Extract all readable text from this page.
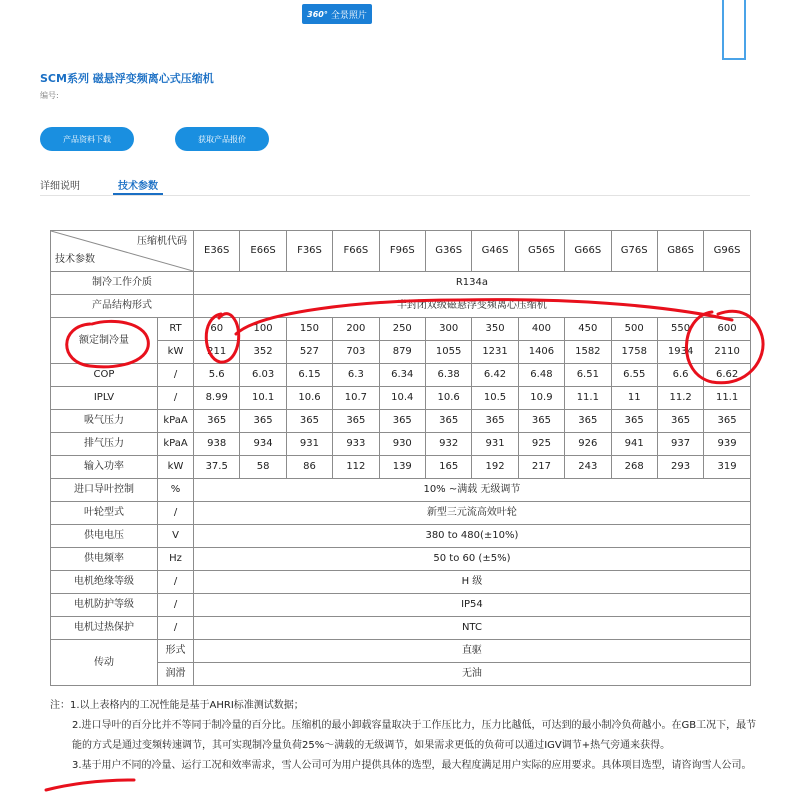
360° 全景照片
SCM系列 磁悬浮变频离心式压缩机
编号:
产品资料下载	获取产品报价
详细说明	技术参数
压缩机代码
技术参数		E36S	E66S	F36S	F66S	F96S	G36S	G46S	G56S	G66S	G76S	G86S	G96S
制冷工作介质		R134a											
产品结构形式		半封闭双级磁悬浮变频离心压缩机											
额定制冷量	RT	60	100	150	200	250	300	350	400	450	500	550	600
	kW	211	352	527	703	879	1055	1231	1406	1582	1758	1934	2110
COP	/	5.6	6.03	6.15	6.3	6.34	6.38	6.42	6.48	6.51	6.55	6.6	6.62
IPLV	/	8.99	10.1	10.6	10.7	10.4	10.6	10.5	10.9	11.1	11	11.2	11.1
吸气压力	kPaA	365	365	365	365	365	365	365	365	365	365	365	365
排气压力	kPaA	938	934	931	933	930	932	931	925	926	941	937	939
输入功率	kW	37.5	58	86	112	139	165	192	217	243	268	293	319
进口导叶控制	%	10% ~满载 无级调节											
叶轮型式	/	新型三元流高效叶轮											
供电电压	V	380 to 480(±10%)											
供电频率	Hz	50 to 60 (±5%)											
电机绝缘等级	/	H 级											
电机防护等级	/	IP54											
电机过热保护	/	NTC											
传动	形式	直驱											
	润滑	无油											
注：1.以上表格内的工况性能是基于AHRI标准测试数据；
2.进口导叶的百分比并不等同于制冷量的百分比。压缩机的最小卸载容量取决于工作压比力，压力比越低，可达到的最小制冷负荷越小。在GB工况下，最节能的方式是通过变频转速调节，其可实现制冷量负荷25%～满载的无级调节，如果需求更低的负荷可以通过IGV调节+热气旁通来获得。
3.基于用户不同的冷量、运行工况和效率需求，雪人公司可为用户提供具体的选型，最大程度满足用户实际的应用要求。具体项目选型，请咨询雪人公司。
